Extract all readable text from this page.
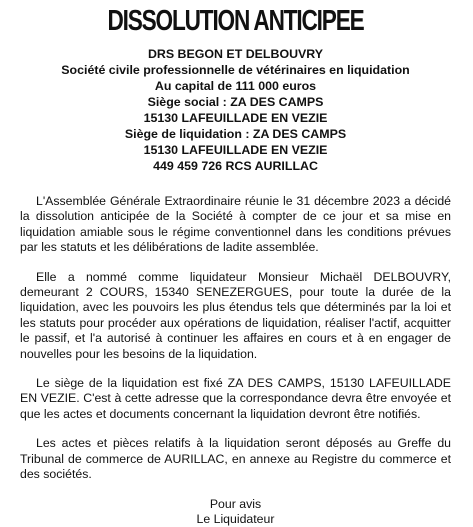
DISSOLUTION ANTICIPEE
DRS BEGON ET DELBOUVRY
Société civile professionnelle de vétérinaires en liquidation
Au capital de 111 000 euros
Siège social : ZA DES CAMPS
15130 LAFEUILLADE EN VEZIE
Siège de liquidation : ZA DES CAMPS
15130 LAFEUILLADE EN VEZIE
449 459 726 RCS AURILLAC

L'Assemblée Générale Extraordinaire réunie le 31 décembre 2023 a décidé la dissolution anticipée de la Société à compter de ce jour et sa mise en liquidation amiable sous le régime conventionnel dans les conditions prévues par les statuts et les délibérations de ladite assemblée.

Elle a nommé comme liquidateur Monsieur Michaël DELBOUVRY, demeurant 2 COURS, 15340 SENEZERGUES, pour toute la durée de la liquidation, avec les pouvoirs les plus étendus tels que déterminés par la loi et les statuts pour procéder aux opérations de liquidation, réaliser l'actif, acquitter le passif, et l'a autorisé à continuer les affaires en cours et à en engager de nouvelles pour les besoins de la liquidation.

Le siège de la liquidation est fixé ZA DES CAMPS, 15130 LAFEUILLADE EN VEZIE. C'est à cette adresse que la correspondance devra être envoyée et que les actes et documents concernant la liquidation devront être notifiés.

Les actes et pièces relatifs à la liquidation seront déposés au Greffe du Tribunal de commerce de AURILLAC, en annexe au Registre du commerce et des sociétés.

Pour avis
Le Liquidateur
